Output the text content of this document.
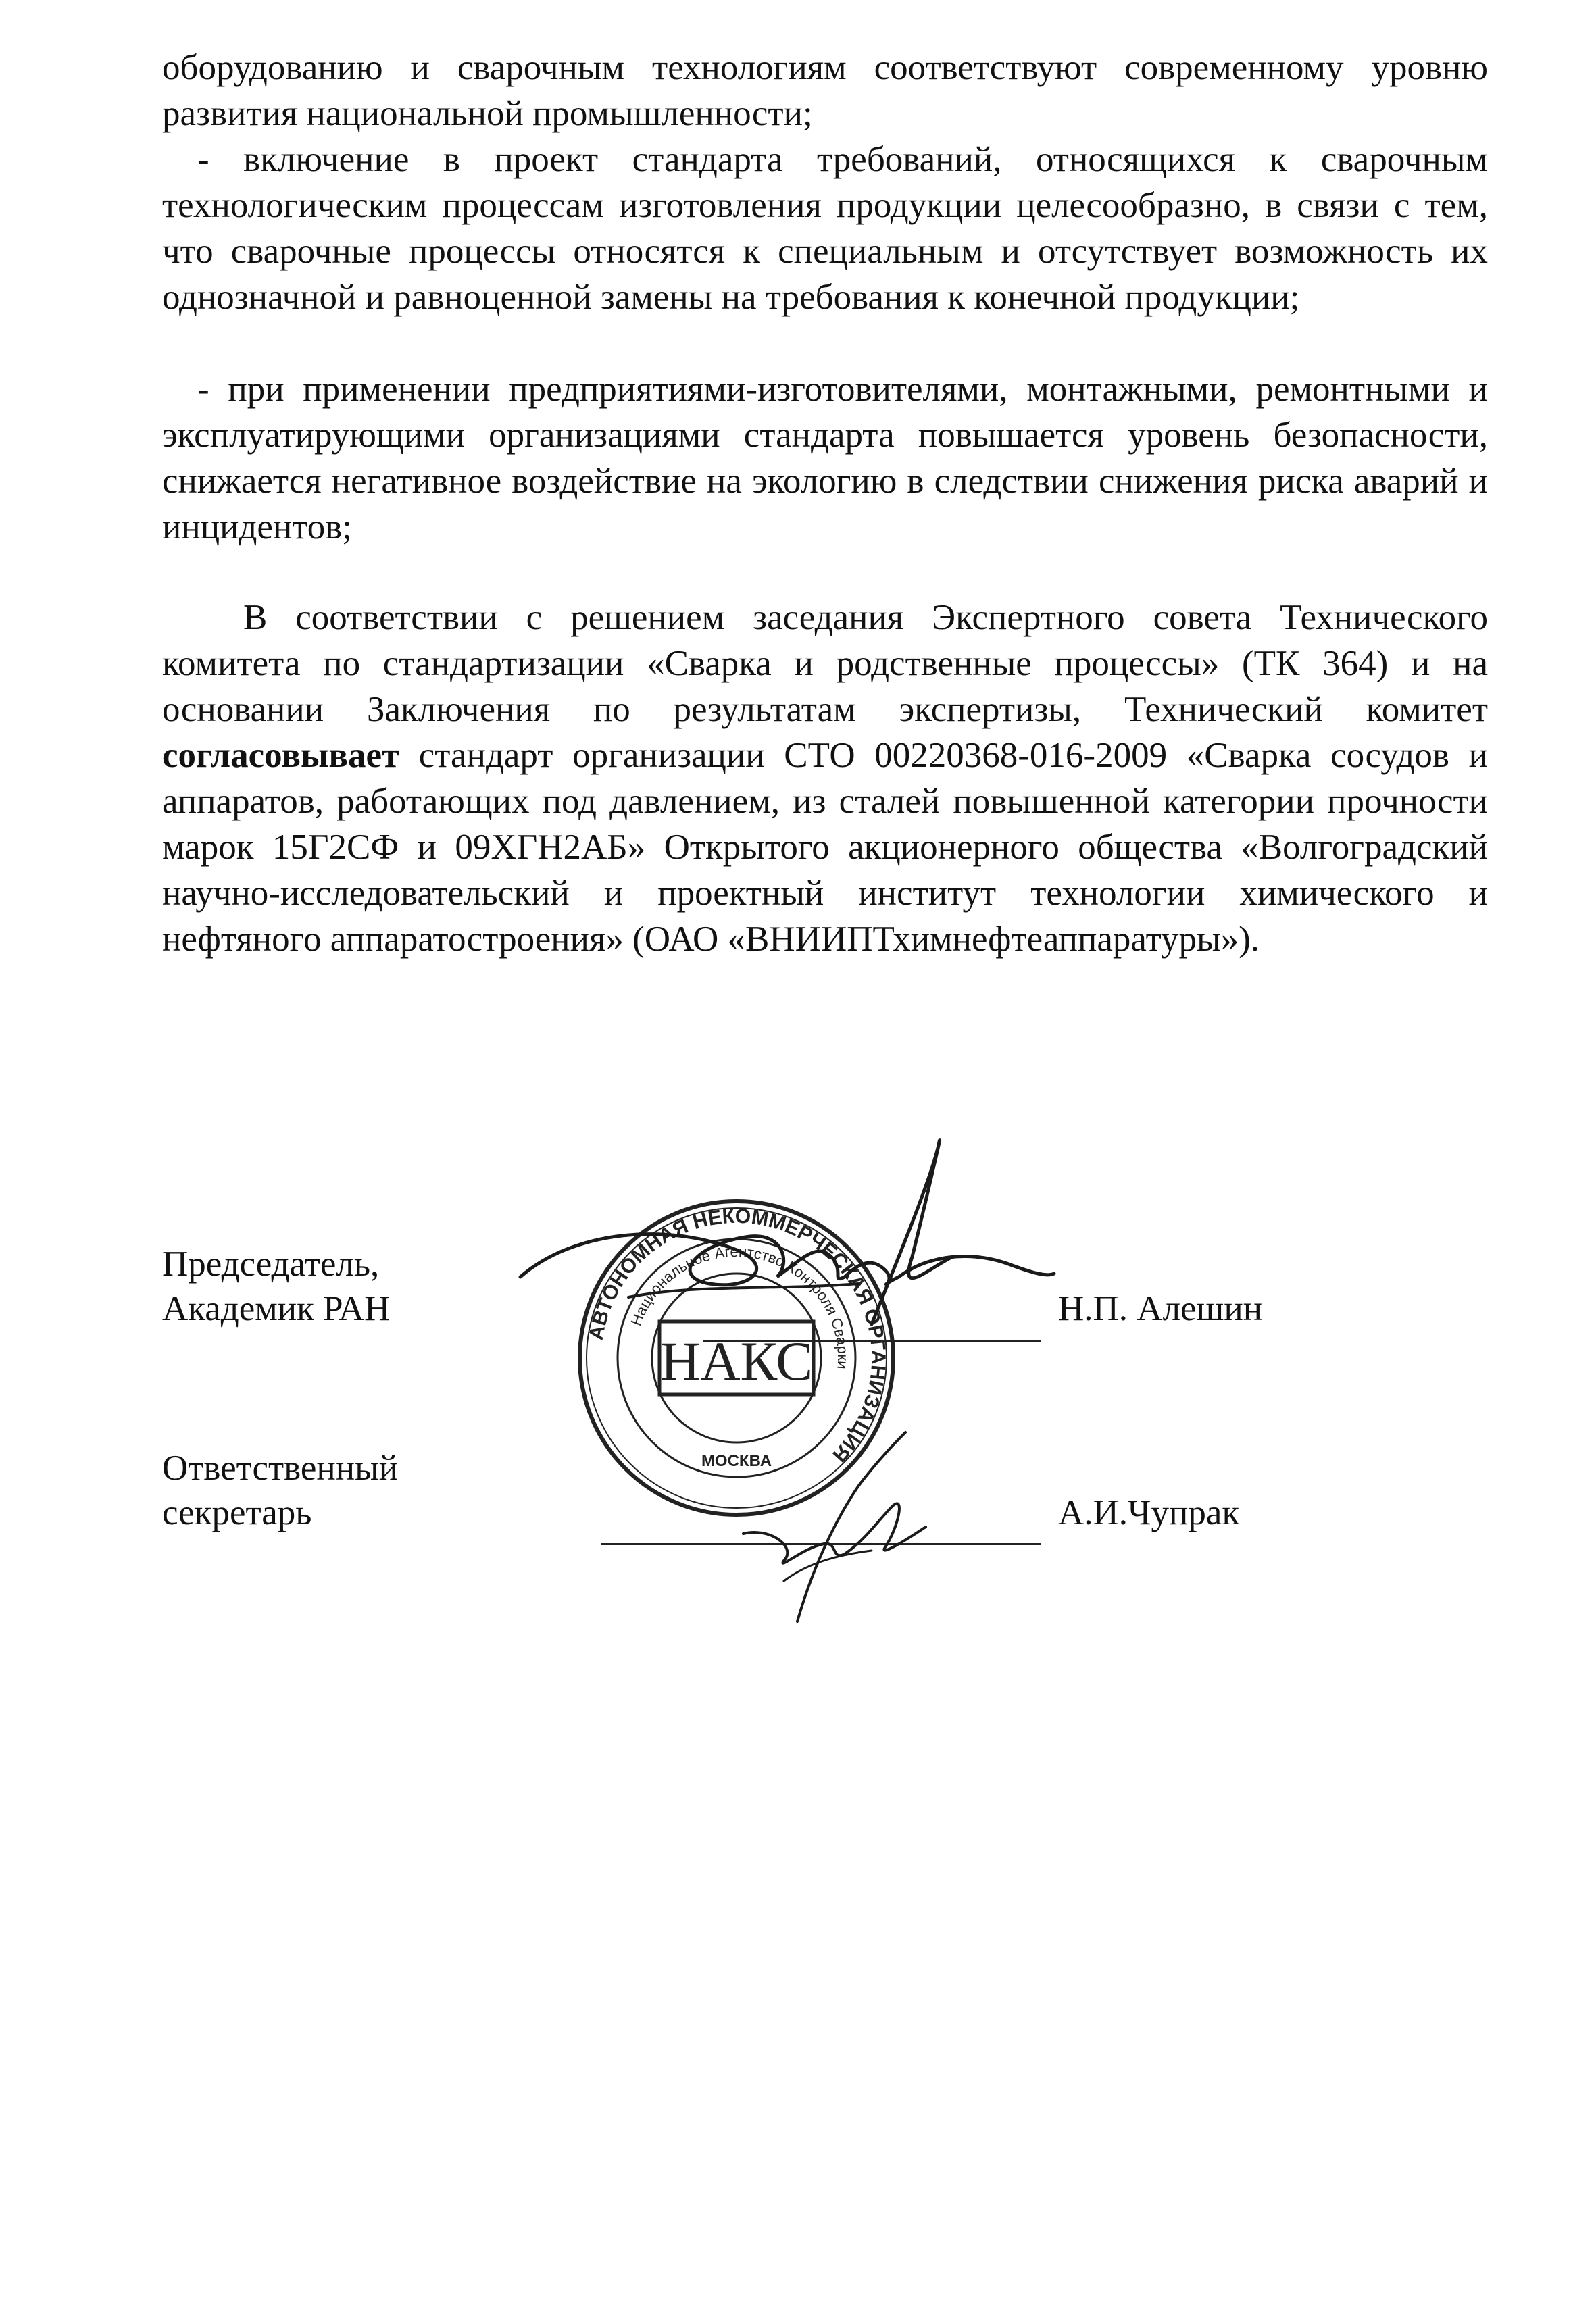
оборудованию и сварочным технологиям соответствуют современному уровню развития национальной промышленности;

- включение в проект стандарта требований, относящихся к сварочным технологическим процессам изготовления продукции целесообразно, в связи с тем, что сварочные процессы относятся к специальным и отсутствует возможность их однозначной и равноценной замены на требования к конечной продукции;

- при применении предприятиями-изготовителями, монтажными, ремонтными и эксплуатирующими организациями стандарта повышается уровень безопасности, снижается негативное воздействие на экологию в следствии снижения риска аварий и инцидентов;

В соответствии с решением заседания Экспертного совета Технического комитета по стандартизации «Сварка и родственные процессы» (ТК 364) и на основании Заключения по результатам экспертизы, Технический комитет согласовывает стандарт организации СТО 00220368-016-2009 «Сварка сосудов и аппаратов, работающих под давлением, из сталей повышенной категории прочности марок 15Г2СФ и 09ХГН2АБ» Открытого акционерного общества «Волгоградский научно-исследовательский и проектный институт технологии химического и нефтяного аппаратостроения» (ОАО «ВНИИПТхимнефтеаппаратуры»).

Председатель,
Академик РАН	Н.П. Алешин
Ответственный
секретарь	А.И.Чупрак
АВТОНОМНАЯ НЕКОММЕРЧЕСКАЯ ОРГАНИЗАЦИЯ
Национальное Агентство Контроля Сварки
НАКС
МОСКВА
